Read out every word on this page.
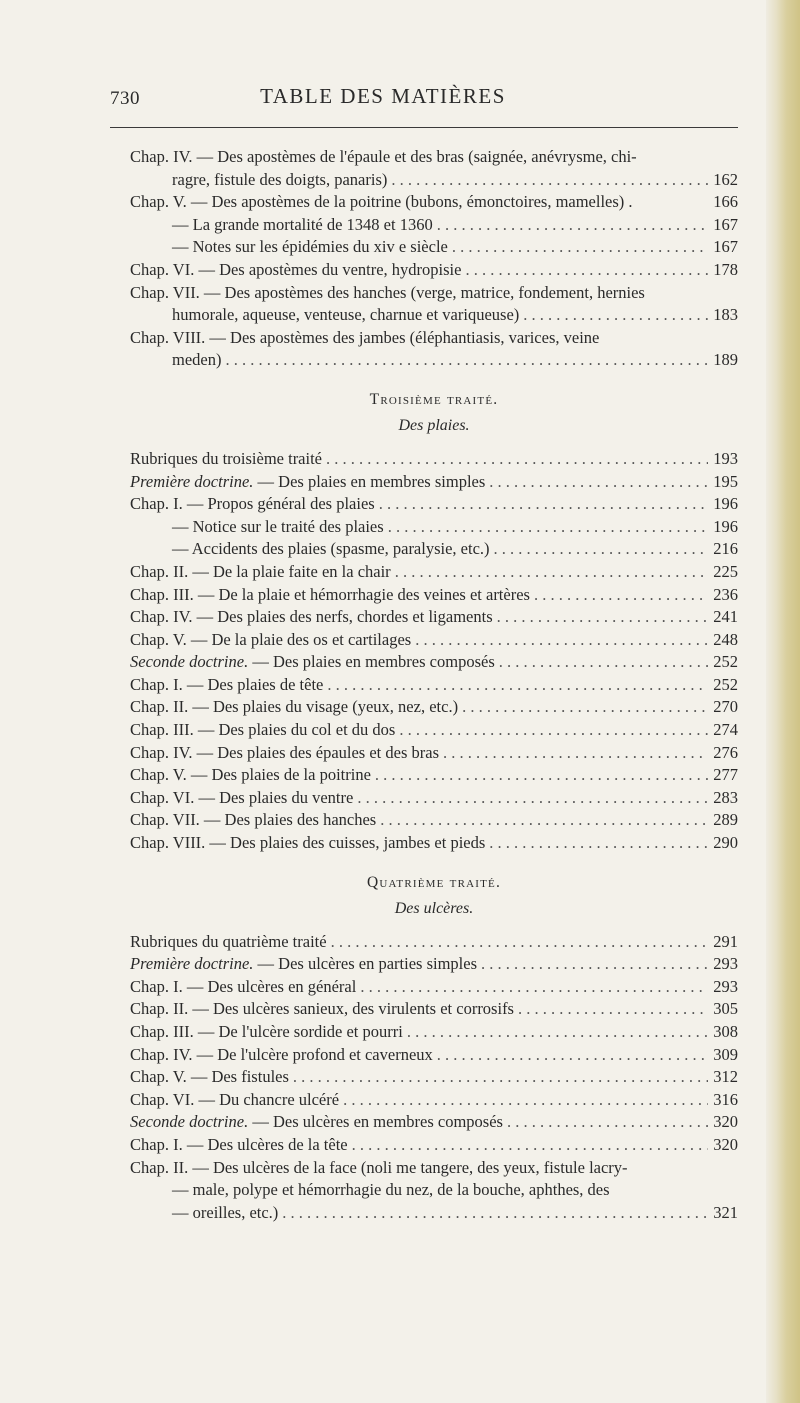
730	TABLE DES MATIÈRES
Chap. IV. — Des apostèmes de l'épaule et des bras (saignée, anévrysme, chi-
ragre, fistule des doigts, panaris) . . .	162
Chap. V. — Des apostèmes de la poitrine (bubons, émonctoires, mamelles) .	166
— La grande mortalité de 1348 et 1360 . . .	167
— Notes sur les épidémies du xiv e siècle . . .	167
Chap. VI. — Des apostèmes du ventre, hydropisie . . .	178
Chap. VII. — Des apostèmes des hanches (verge, matrice, fondement, hernies
humorale, aqueuse, venteuse, charnue et variqueuse) . . .	183
Chap. VIII. — Des apostèmes des jambes (éléphantiasis, varices, veine
meden) . . .	189
Troisième traité.
Des plaies.
Rubriques du troisième traité . . .	193
Première doctrine. — Des plaies en membres simples . . .	195
Chap. I. — Propos général des plaies . . .	196
— Notice sur le traité des plaies . . .	196
— Accidents des plaies (spasme, paralysie, etc.) . . .	216
Chap. II. — De la plaie faite en la chair . . .	225
Chap. III. — De la plaie et hémorrhagie des veines et artères . . .	236
Chap. IV. — Des plaies des nerfs, chordes et ligaments . . .	241
Chap. V. — De la plaie des os et cartilages . . .	248
Seconde doctrine. — Des plaies en membres composés . . .	252
Chap. I. — Des plaies de tête . . .	252
Chap. II. — Des plaies du visage (yeux, nez, etc.) . . .	270
Chap. III. — Des plaies du col et du dos . . .	274
Chap. IV. — Des plaies des épaules et des bras . . .	276
Chap. V. — Des plaies de la poitrine . . .	277
Chap. VI. — Des plaies du ventre . . .	283
Chap. VII. — Des plaies des hanches . . .	289
Chap. VIII. — Des plaies des cuisses, jambes et pieds . . .	290
Quatrième traité.
Des ulcères.
Rubriques du quatrième traité . . .	291
Première doctrine. — Des ulcères en parties simples . . .	293
Chap. I. — Des ulcères en général . . .	293
Chap. II. — Des ulcères sanieux, des virulents et corrosifs . . .	305
Chap. III. — De l'ulcère sordide et pourri . . .	308
Chap. IV. — De l'ulcère profond et caverneux . . .	309
Chap. V. — Des fistules . . .	312
Chap. VI. — Du chancre ulcéré . . .	316
Seconde doctrine. — Des ulcères en membres composés . . .	320
Chap. I. — Des ulcères de la tête . . .	320
Chap. II. — Des ulcères de la face (noli me tangere, des yeux, fistule lacry-
— male, polype et hémorrhagie du nez, de la bouche, aphthes, des
— oreilles, etc.) . . .	321
